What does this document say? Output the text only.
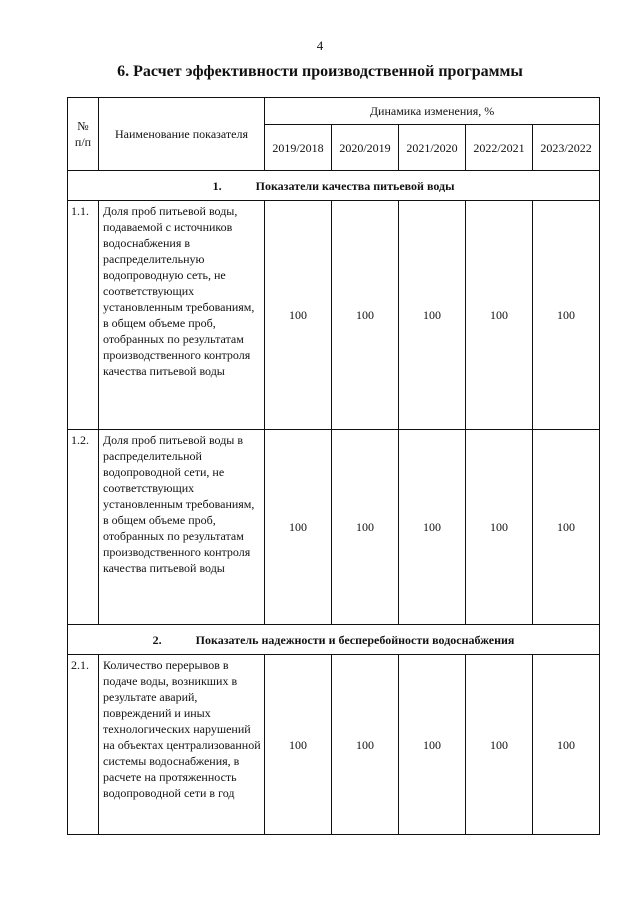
4
6. Расчет эффективности производственной программы
№
п/п	Наименование показателя	Динамика изменения, %				
		2019/2018	2020/2019	2021/2020	2022/2021	2023/2022
1. Показатели качества питьевой воды						
1.1.	Доля проб питьевой воды, подаваемой с источников водоснабжения в распределительную водопроводную сеть, не соответствующих установленным требованиям, в общем объеме проб, отобранных по результатам производственного контроля качества питьевой воды	100	100	100	100	100
1.2.	Доля проб питьевой воды в распределительной водопроводной сети, не соответствующих установленным требованиям, в общем объеме проб, отобранных по результатам производственного контроля качества питьевой воды	100	100	100	100	100
2. Показатель надежности и бесперебойности водоснабжения						
2.1.	Количество перерывов в подаче воды, возникших в результате аварий, повреждений и иных технологических нарушений на объектах централизованной системы водоснабжения, в расчете на протяженность водопроводной сети в год	100	100	100	100	100
